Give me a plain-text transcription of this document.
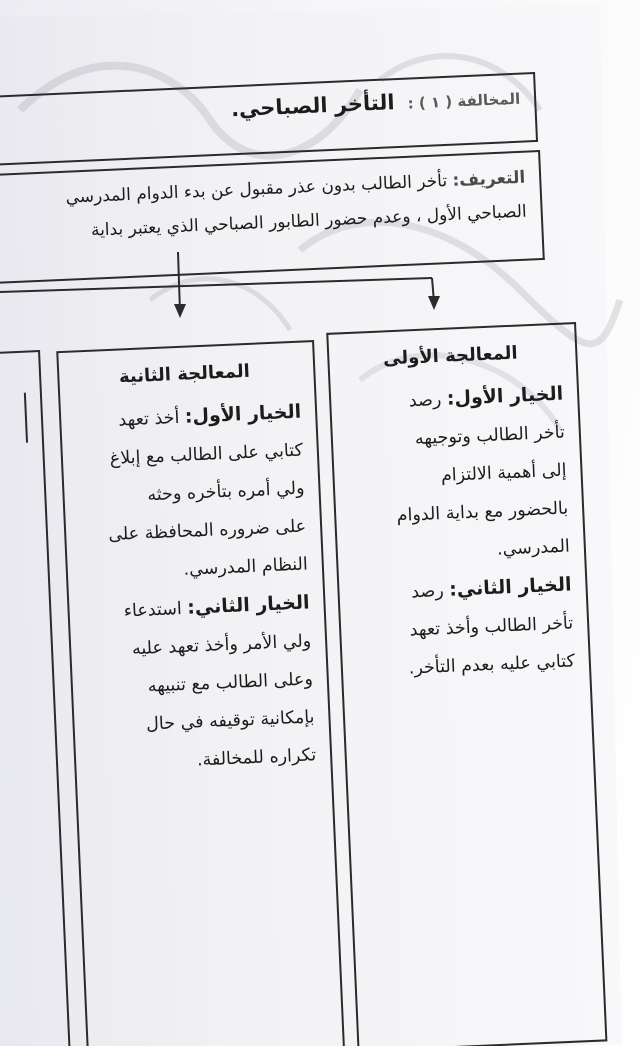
المخالفة ( ١ ) : التأخر الصباحي.
التعريف: تأخر الطالب بدون عذر مقبول عن بدء الدوام المدرسي
الصباحي الأول ، وعدم حضور الطابور الصباحي الذي يعتبر بداية
المعالجة الأولى
الخيار الأول: رصد
تأخر الطالب وتوجيهه
إلى أهمية الالتزام
بالحضور مع بداية الدوام
المدرسي.
الخيار الثاني: رصد
تأخر الطالب وأخذ تعهد
كتابي عليه بعدم التأخر.
المعالجة الثانية
الخيار الأول: أخذ تعهد
كتابي على الطالب مع إبلاغ
ولي أمره بتأخره وحثه
على ضروره المحافظة على
النظام المدرسي.
الخيار الثاني: استدعاء
ولي الأمر وأخذ تعهد عليه
وعلى الطالب مع تنبيهه
بإمكانية توقيفه في حال
تكراره للمخالفة.
